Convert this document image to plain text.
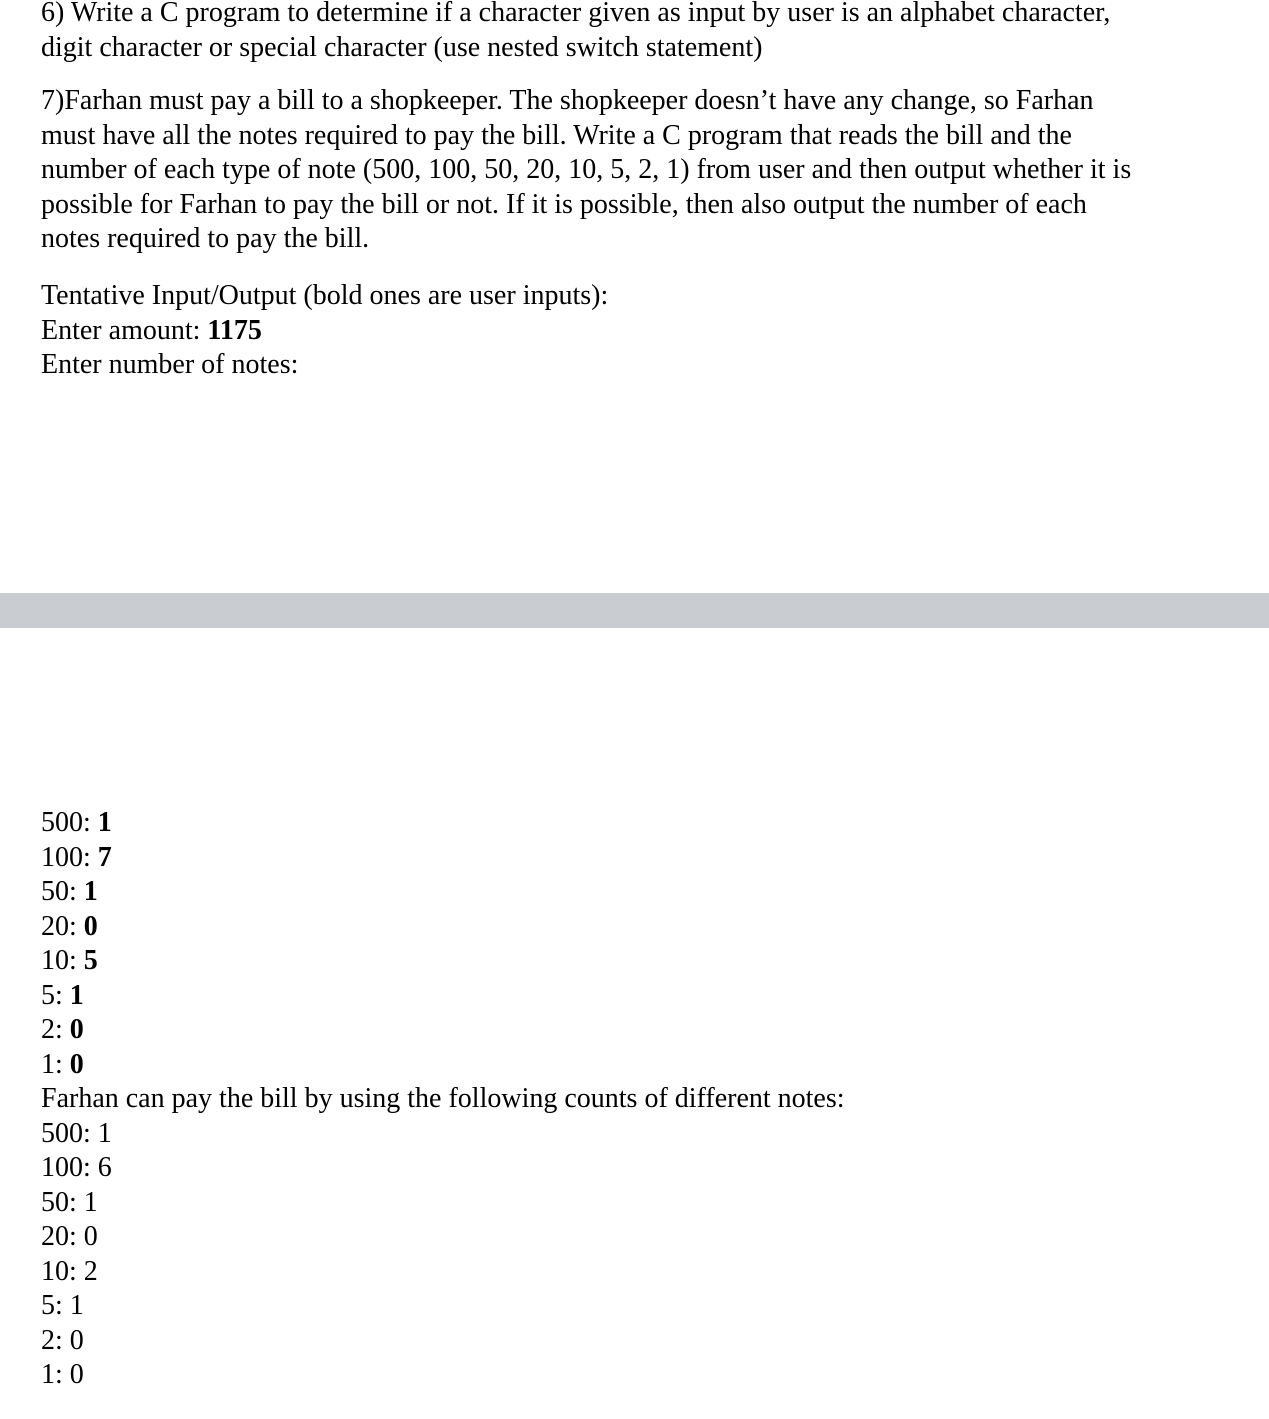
6) Write a C program to determine if a character given as input by user is an alphabet character,
digit character or special character (use nested switch statement)

7)Farhan must pay a bill to a shopkeeper. The shopkeeper doesn’t have any change, so Farhan
must have all the notes required to pay the bill. Write a C program that reads the bill and the
number of each type of note (500, 100, 50, 20, 10, 5, 2, 1) from user and then output whether it is
possible for Farhan to pay the bill or not. If it is possible, then also output the number of each
notes required to pay the bill.

Tentative Input/Output (bold ones are user inputs):
Enter amount: 1175
Enter number of notes:

500: 1
100: 7
50: 1
20: 0
10: 5
5: 1
2: 0
1: 0
Farhan can pay the bill by using the following counts of different notes:
500: 1
100: 6
50: 1
20: 0
10: 2
5: 1
2: 0
1: 0
